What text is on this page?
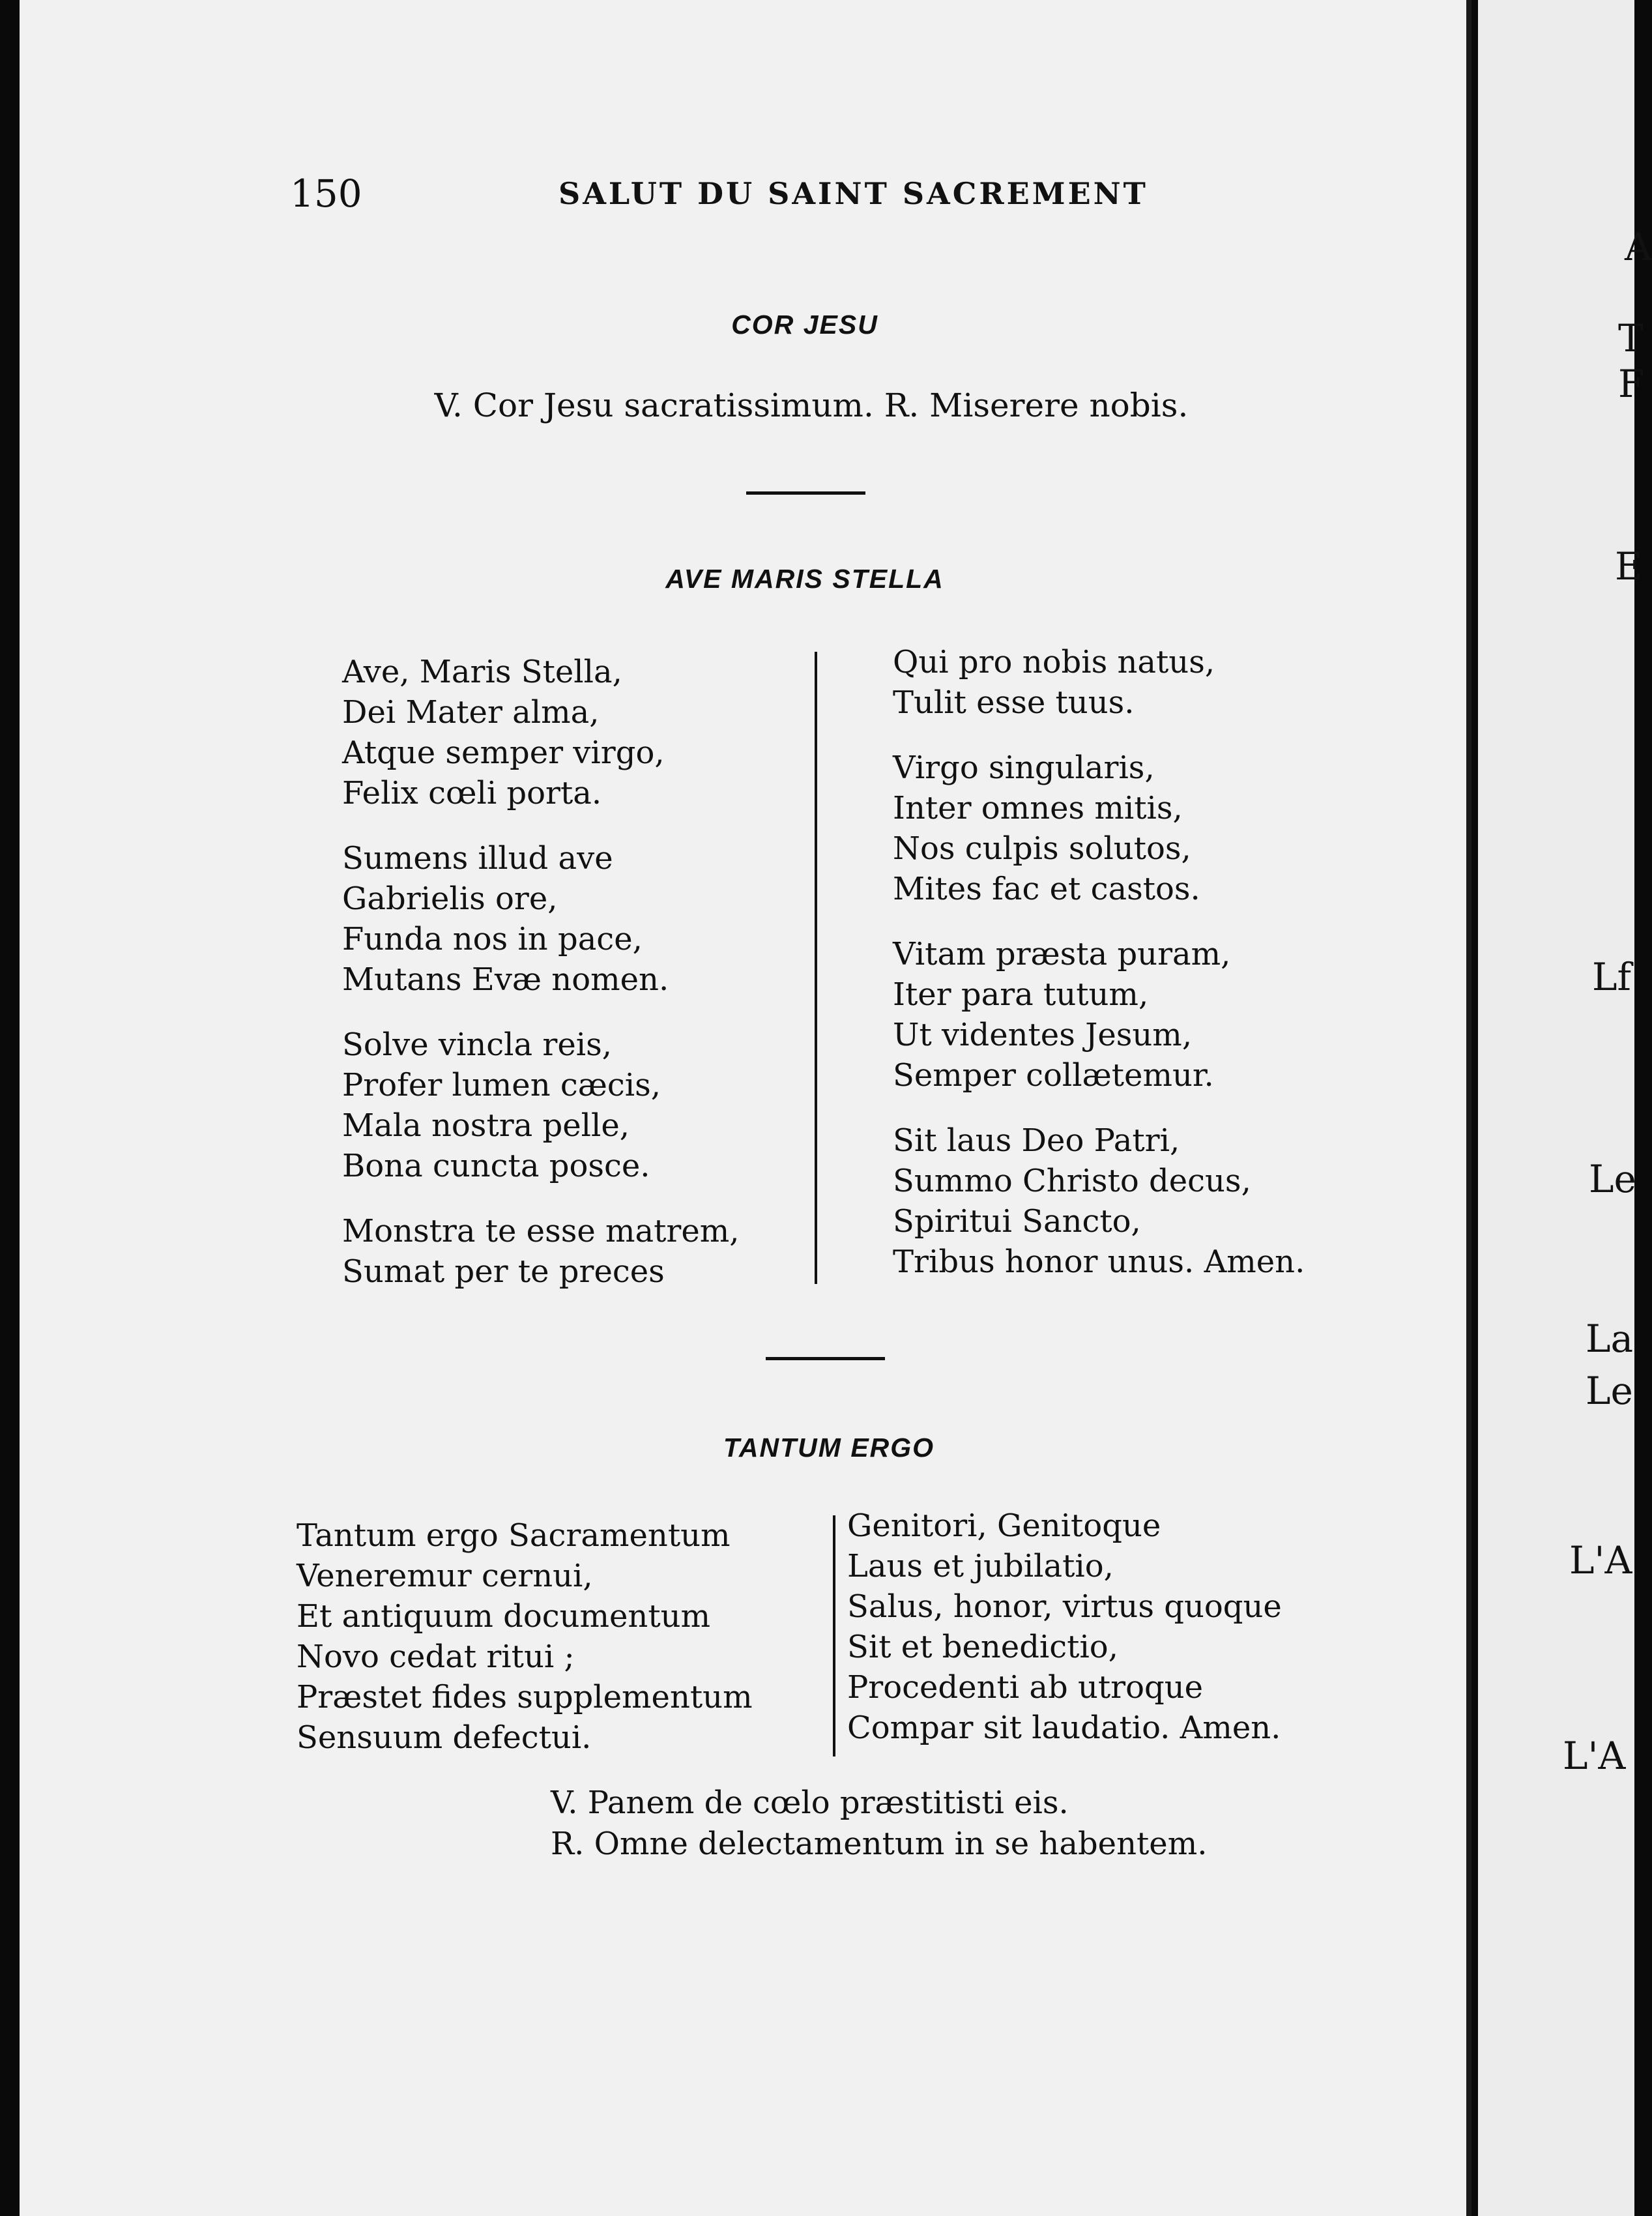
150	SALUT DU SAINT SACREMENT
COR JESU
V. Cor Jesu sacratissimum. R. Miserere nobis.
AVE MARIS STELLA
Ave, Maris Stella,
Dei Mater alma,
Atque semper virgo,
Felix cœli porta.
Sumens illud ave
Gabrielis ore,
Funda nos in pace,
Mutans Evæ nomen.
Solve vincla reis,
Profer lumen cæcis,
Mala nostra pelle,
Bona cuncta posce.
Monstra te esse matrem,
Sumat per te preces
Qui pro nobis natus,
Tulit esse tuus.
Virgo singularis,
Inter omnes mitis,
Nos culpis solutos,
Mites fac et castos.
Vitam præsta puram,
Iter para tutum,
Ut videntes Jesum,
Semper collætemur.
Sit laus Deo Patri,
Summo Christo decus,
Spiritui Sancto,
Tribus honor unus. Amen.
TANTUM ERGO
Tantum ergo Sacramentum
Veneremur cernui,
Et antiquum documentum
Novo cedat ritui ;
Præstet fides supplementum
Sensuum defectui.
Genitori, Genitoque
Laus et jubilatio,
Salus, honor, virtus quoque
Sit et benedictio,
Procedenti ab utroque
Compar sit laudatio. Amen.
V. Panem de cœlo præstitisti eis.
R. Omne delectamentum in se habentem.
A
T
F
E
Lf
Le
La
Le
L'A
L'A
